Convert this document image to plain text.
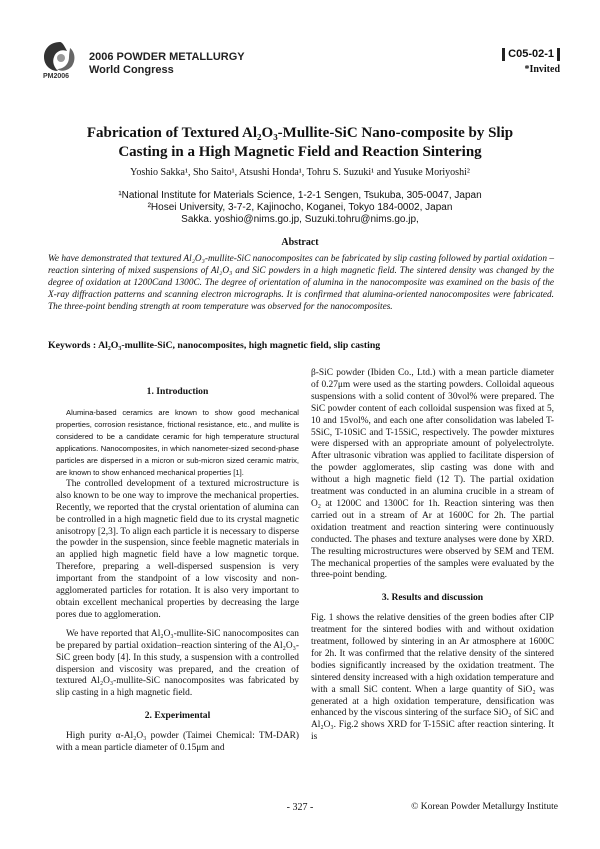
PM2006
2006 POWDER METALLURGY
World Congress
C05-02-1
*Invited
Fabrication of Textured Al₂O₃-Mullite-SiC Nano-composite by Slip
Casting in a High Magnetic Field and Reaction Sintering
Yoshio Sakka¹, Sho Saito¹, Atsushi Honda¹, Tohru S. Suzuki¹ and Yusuke Moriyoshi²

¹National Institute for Materials Science, 1-2-1 Sengen, Tsukuba, 305-0047, Japan

²Hosei University, 3-7-2, Kajinocho, Koganei, Tokyo 184-0002, Japan

Sakka. yoshio@nims.go.jp, Suzuki.tohru@nims.go.jp,

Abstract
We have demonstrated that textured Al₂O₃-mullite-SiC nanocomposites can be fabricated by slip casting followed by partial oxidation – reaction sintering of mixed suspensions of Al₂O₃ and SiC powders in a high magnetic field. The sintered density was changed by the degree of oxidation at 1200Cand 1300C. The degree of orientation of alumina in the nanocomposite was examined on the basis of the X-ray diffraction patterns and scanning electron micrographs. It is confirmed that alumina-oriented nanocomposites were fabricated. The three-point bending strength at room temperature was observed for the nanocomposites.
Keywords : Al₂O₃-mullite-SiC, nanocomposites, high magnetic field, slip casting
1. Introduction

Alumina-based ceramics are known to show good mechanical properties, corrosion resistance, frictional resistance, etc., and mullite is considered to be a candidate ceramic for high temperature structural applications. Nanocomposites, in which nanometer-sized second-phase particles are dispersed in a micron or sub-micron sized ceramic matrix, are known to show enhanced mechanical properties [1].

The controlled development of a textured microstructure is also known to be one way to improve the mechanical properties. Recently, we reported that the crystal orientation of alumina can be controlled in a high magnetic field due to its crystal magnetic anisotropy [2,3]. To align each particle it is necessary to disperse the powder in the suspension, since feeble magnetic materials in an applied high magnetic field have a low magnetic torque. Therefore, preparing a well-dispersed suspension is very important from the standpoint of a low viscosity and non-agglomerated particles for rotation. It is also very important to obtain excellent mechanical properties by decreasing the large pores due to agglomeration.

We have reported that Al₂O₃-mullite-SiC nanocomposites can be prepared by partial oxidation–reaction sintering of the Al₂O₃-SiC green body [4]. In this study, a suspension with a controlled dispersion and viscosity was prepared, and the creation of textured Al₂O₃-mullite-SiC nanocomposites was fabricated by slip casting in a high magnetic field.

2. Experimental

High purity α-Al₂O₃ powder (Taimei Chemical: TM-DAR) with a mean particle diameter of 0.15μm and

β-SiC powder (Ibiden Co., Ltd.) with a mean particle diameter of 0.27μm were used as the starting powders. Colloidal aqueous suspensions with a solid content of 30vol% were prepared. The SiC powder content of each colloidal suspension was fixed at 5, 10 and 15vol%, and each one after consolidation was labeled T-5SiC, T-10SiC and T-15SiC, respectively. The powder mixtures were dispersed with an appropriate amount of polyelectrolyte. After ultrasonic vibration was applied to facilitate dispersion of the powder agglomerates, slip casting was done with and without a high magnetic field (12 T). The partial oxidation treatment was conducted in an alumina crucible in a stream of O₂ at 1200C and 1300C for 1h. Reaction sintering was then carried out in a stream of Ar at 1600C for 2h. The partial oxidation treatment and reaction sintering were continuously conducted. The phases and texture analyses were done by XRD. The resulting microstructures were observed by SEM and TEM. The mechanical properties of the samples were evaluated by the three-point bending.

3. Results and discussion

Fig. 1 shows the relative densities of the green bodies after CIP treatment for the sintered bodies with and without oxidation treatment, followed by sintering in an Ar atmosphere at 1600C for 2h. It was confirmed that the relative density of the sintered bodies significantly increased by the oxidation treatment. The sintered density increased with a high oxidation temperature and with a small SiC content. When a large quantity of SiO₂ was generated at a high oxidation temperature, densification was enhanced by the viscous sintering of the surface SiO₂ of SiC and Al₂O₃. Fig.2 shows XRD for T-15SiC after reaction sintering. It is

- 327 -	© Korean Powder Metallurgy Institute
